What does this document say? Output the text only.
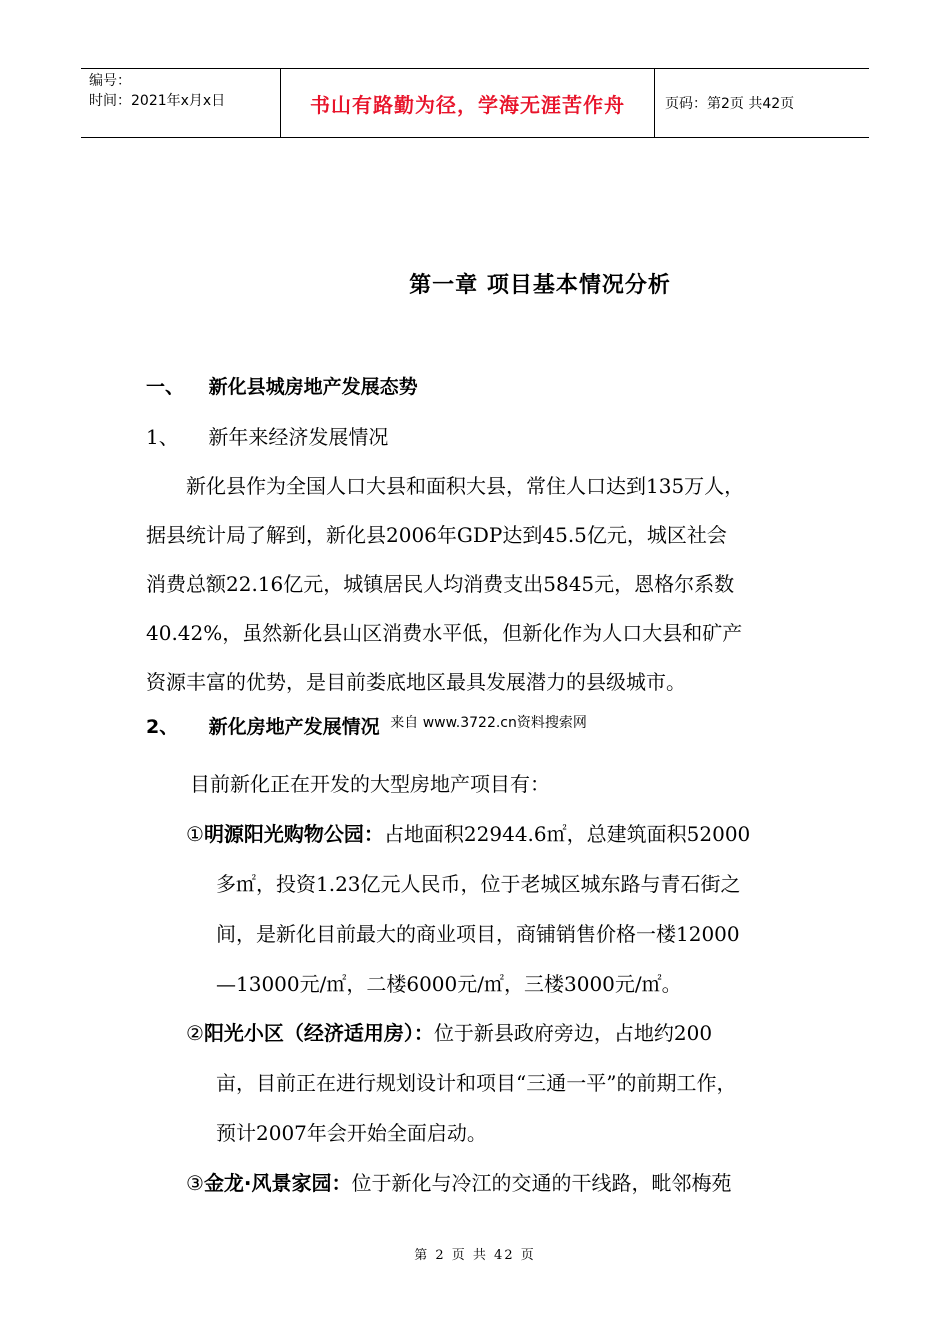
编号：
时间：2021年x月x日	书山有路勤为径，学海无涯苦作舟	页码：第2页 共42页
第一章 项目基本情况分析
一、 新化县城房地产发展态势
1、 新年来经济发展情况
新化县作为全国人口大县和面积大县，常住人口达到135万人，
据县统计局了解到，新化县2006年GDP达到45.5亿元，城区社会
消费总额22.16亿元，城镇居民人均消费支出5845元，恩格尔系数
40.42%，虽然新化县山区消费水平低，但新化作为人口大县和矿产
资源丰富的优势，是目前娄底地区最具发展潜力的县级城市。
2、 新化房地产发展情况 $^{来自 www.3722.cn资料搜索网}$
目前新化正在开发的大型房地产项目有：
①明源阳光购物公园：占地面积22944.6㎡，总建筑面积52000
多㎡，投资1.23亿元人民币，位于老城区城东路与青石街之
间，是新化目前最大的商业项目，商铺销售价格一楼12000
—13000元/㎡，二楼6000元/㎡，三楼3000元/㎡。
②阳光小区（经济适用房）：位于新县政府旁边，占地约200
亩，目前正在进行规划设计和项目“三通一平”的前期工作，
预计2007年会开始全面启动。
③金龙·风景家园：位于新化与冷江的交通的干线路，毗邻梅苑
第 2 页 共 42 页
